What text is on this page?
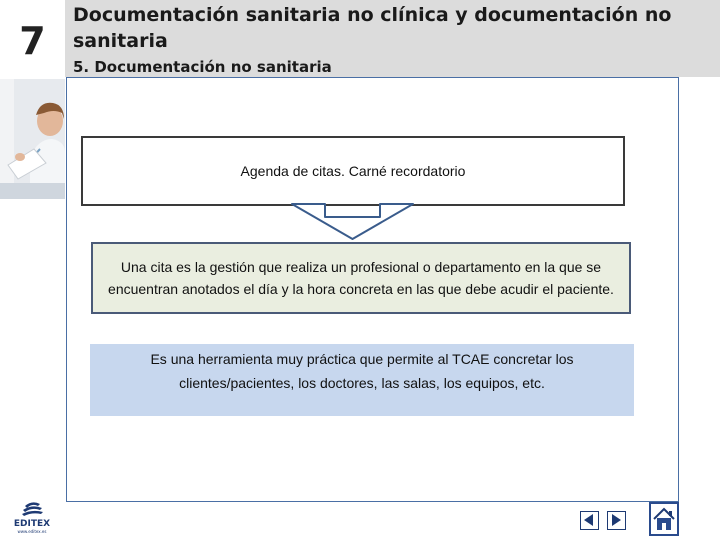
7
Documentación sanitaria no clínica y documentación no sanitaria
5. Documentación no sanitaria
Agenda de citas. Carné recordatorio
Una cita es la gestión que realiza un profesional o departamento en la que se encuentran anotados el día y la hora concreta en las que debe acudir el paciente.
Es una herramienta muy práctica que permite al TCAE concretar los clientes/pacientes, los doctores, las salas, los equipos, etc.
EDITEX
www.editex.es
